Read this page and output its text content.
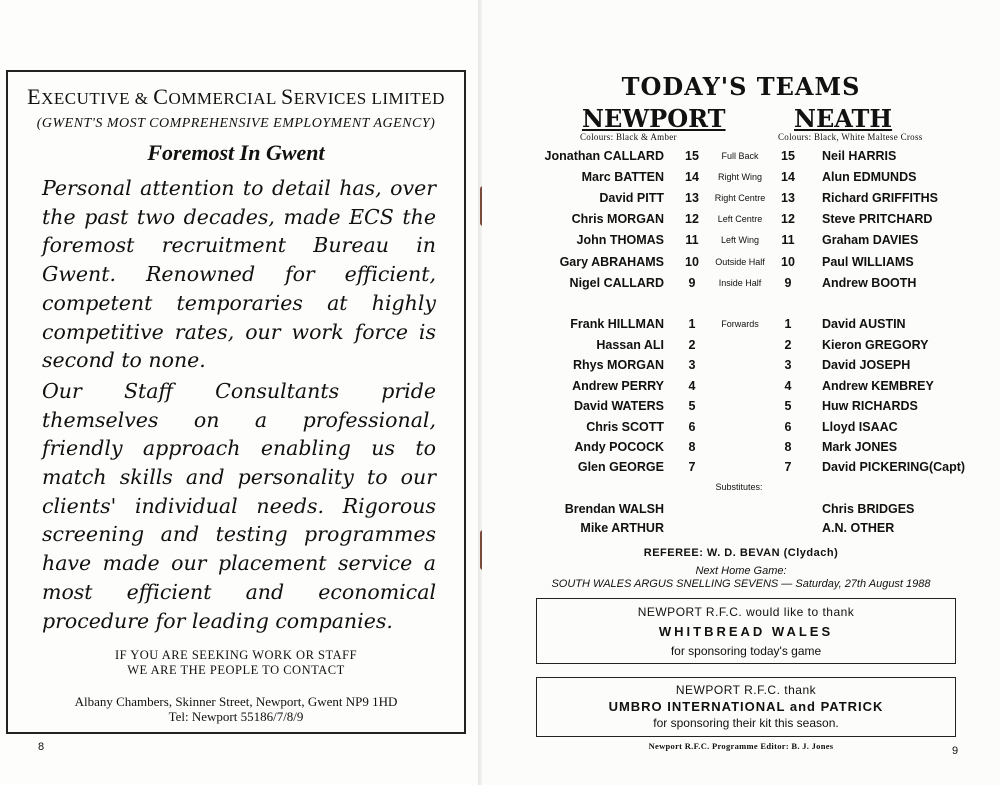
EXECUTIVE & COMMERCIAL SERVICES LIMITED
(GWENT'S MOST COMPREHENSIVE EMPLOYMENT AGENCY)
Foremost In Gwent

Personal attention to detail has, over the past two decades, made ECS the foremost recruitment Bureau in Gwent. Renowned for efficient, competent temporaries at highly competitive rates, our work force is second to none.

Our Staff Consultants pride themselves on a professional, friendly approach enabling us to match skills and personality to our clients' individual needs. Rigorous screening and testing programmes have made our placement service a most efficient and economical procedure for leading companies.

IF YOU ARE SEEKING WORK OR STAFF
WE ARE THE PEOPLE TO CONTACT
Albany Chambers, Skinner Street, Newport, Gwent NP9 1HD
Tel: Newport 55186/7/8/9
8
TODAY'S TEAMS
NEWPORT
Colours: Black & Amber
NEATH
Colours: Black, White Maltese Cross
Jonathan CALLARD 15	Full Back	15 Neil HARRIS
Marc BATTEN 14	Right Wing	14 Alun EDMUNDS
David PITT 13	Right Centre	13 Richard GRIFFITHS
Chris MORGAN 12	Left Centre	12 Steve PRITCHARD
John THOMAS 11	Left Wing	11 Graham DAVIES
Gary ABRAHAMS 10	Outside Half	10 Paul WILLIAMS
Nigel CALLARD	9	Inside Half	9	Andrew BOOTH
Frank HILLMAN	1	Forwards	1	David AUSTIN
Hassan ALI	2	2	Kieron GREGORY
Rhys MORGAN	3	3	David JOSEPH
Andrew PERRY	4	4	Andrew KEMBREY
David WATERS	5	5	Huw RICHARDS
Chris SCOTT	6	6	Lloyd ISAAC
Andy POCOCK	8	8	Mark JONES
Glen GEORGE	7	7	David PICKERING(Capt)
Brendan WALSH	Chris BRIDGES
Mike ARTHUR	A.N. OTHER
Substitutes:
REFEREE: W. D. BEVAN (Clydach)
Next Home Game:
SOUTH WALES ARGUS SNELLING SEVENS — Saturday, 27th August 1988
NEWPORT R.F.C. would like to thank
WHITBREAD WALES
for sponsoring today's game
NEWPORT R.F.C. thank
UMBRO INTERNATIONAL and PATRICK
for sponsoring their kit this season.
Newport R.F.C. Programme Editor: B. J. Jones	9
